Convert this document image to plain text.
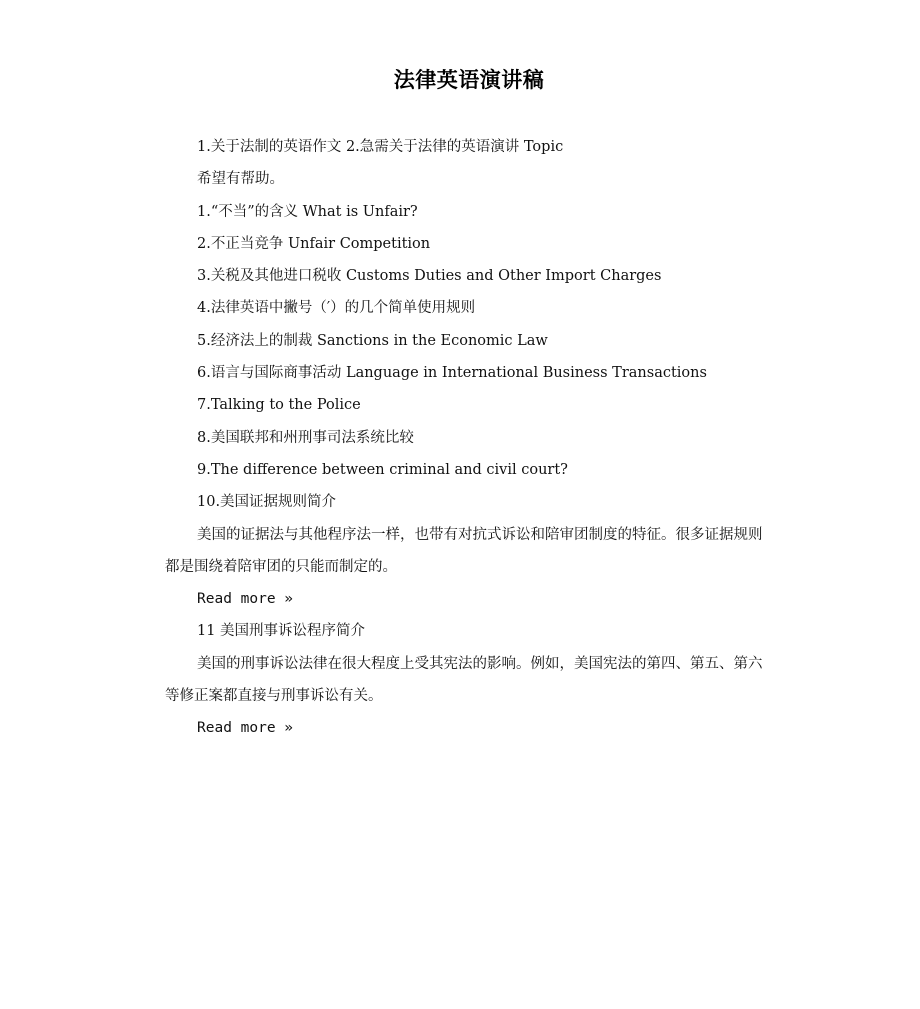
法律英语演讲稿

1.关于法制的英语作文 2.急需关于法律的英语演讲 Topic

希望有帮助。

1.“不当”的含义 What is Unfair?

2.不正当竞争 Unfair Competition

3.关税及其他进口税收 Customs Duties and Other Import Charges

4.法律英语中撇号（′）的几个简单使用规则

5.经济法上的制裁 Sanctions in the Economic Law

6.语言与国际商事活动 Language in International Business Transactions

7.Talking to the Police

8.美国联邦和州刑事司法系统比较

9.The difference between criminal and civil court?

10.美国证据规则简介

美国的证据法与其他程序法一样，也带有对抗式诉讼和陪审团制度的特征。很多证据规则都是围绕着陪审团的只能而制定的。

Read more »

11 美国刑事诉讼程序简介

美国的刑事诉讼法律在很大程度上受其宪法的影响。例如，美国宪法的第四、第五、第六等修正案都直接与刑事诉讼有关。

Read more »
